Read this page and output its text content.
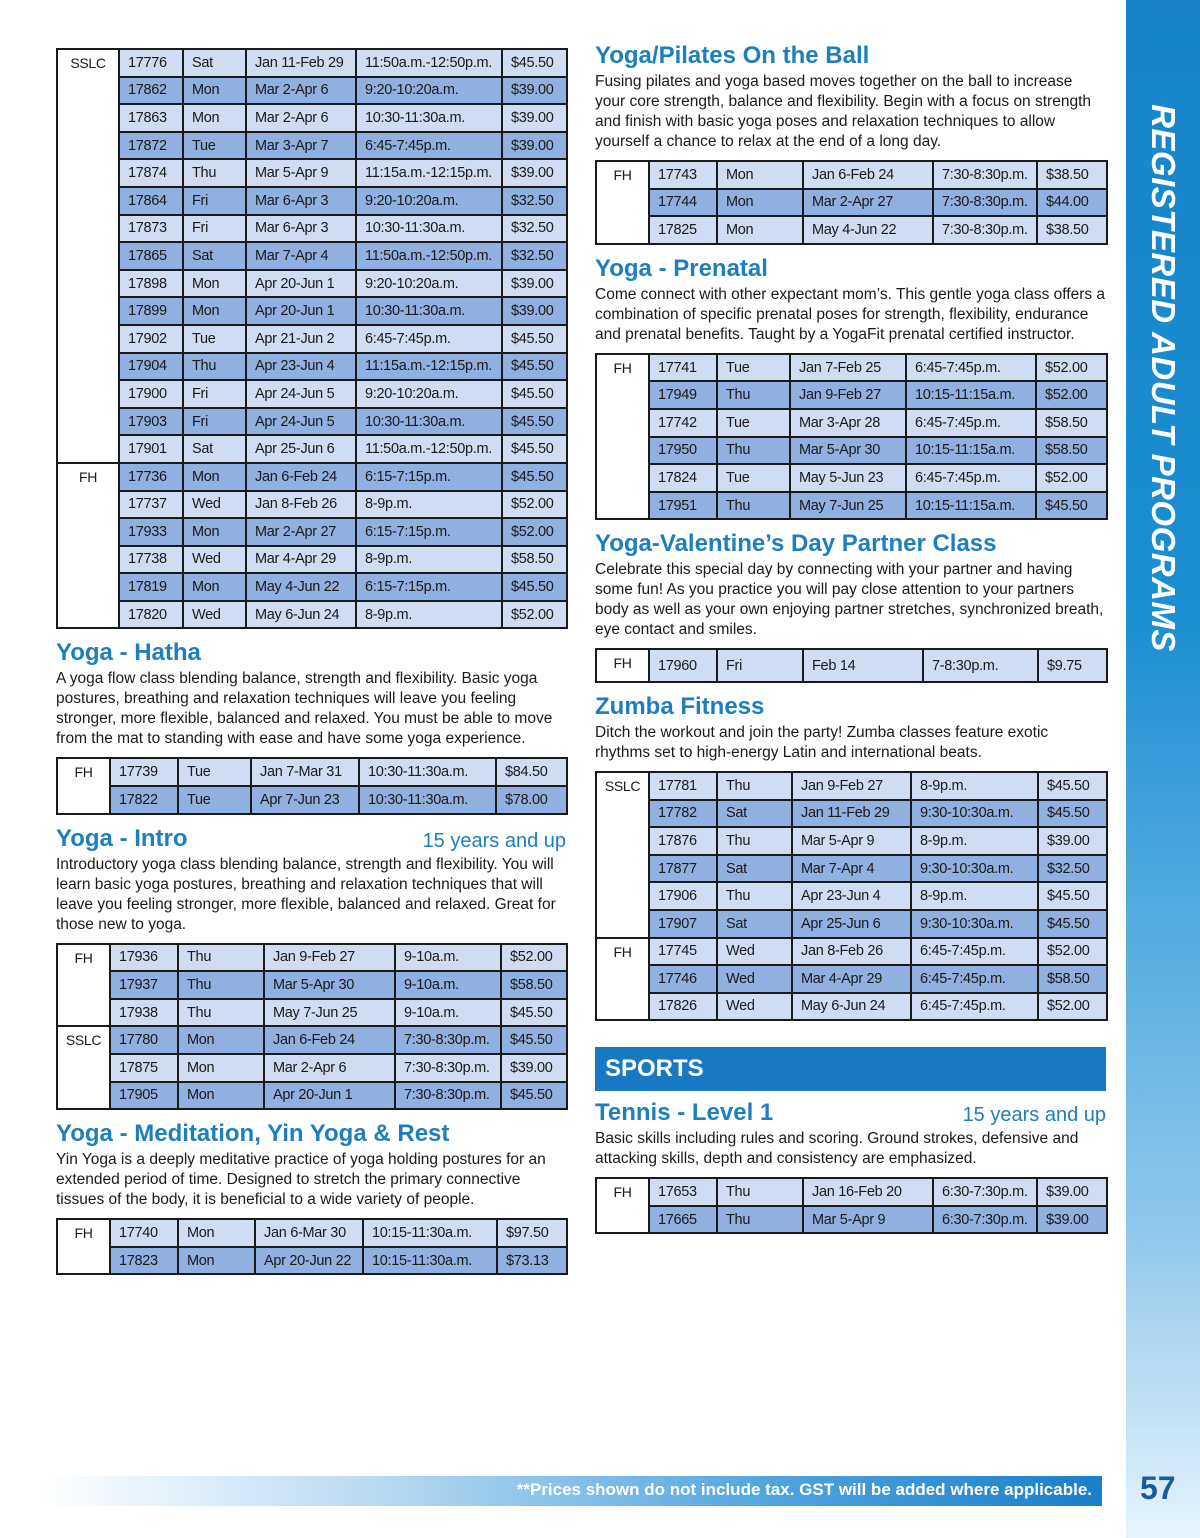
SSLC	17776	Sat	Jan 11-Feb 29	11:50a.m.-12:50p.m.	$45.50
	17862	Mon	Mar 2-Apr 6	9:20-10:20a.m.	$39.00
	17863	Mon	Mar 2-Apr 6	10:30-11:30a.m.	$39.00
	17872	Tue	Mar 3-Apr 7	6:45-7:45p.m.	$39.00
	17874	Thu	Mar 5-Apr 9	11:15a.m.-12:15p.m.	$39.00
	17864	Fri	Mar 6-Apr 3	9:20-10:20a.m.	$32.50
	17873	Fri	Mar 6-Apr 3	10:30-11:30a.m.	$32.50
	17865	Sat	Mar 7-Apr 4	11:50a.m.-12:50p.m.	$32.50
	17898	Mon	Apr 20-Jun 1	9:20-10:20a.m.	$39.00
	17899	Mon	Apr 20-Jun 1	10:30-11:30a.m.	$39.00
	17902	Tue	Apr 21-Jun 2	6:45-7:45p.m.	$45.50
	17904	Thu	Apr 23-Jun 4	11:15a.m.-12:15p.m.	$45.50
	17900	Fri	Apr 24-Jun 5	9:20-10:20a.m.	$45.50
	17903	Fri	Apr 24-Jun 5	10:30-11:30a.m.	$45.50
	17901	Sat	Apr 25-Jun 6	11:50a.m.-12:50p.m.	$45.50
FH	17736	Mon	Jan 6-Feb 24	6:15-7:15p.m.	$45.50
	17737	Wed	Jan 8-Feb 26	8-9p.m.	$52.00
	17933	Mon	Mar 2-Apr 27	6:15-7:15p.m.	$52.00
	17738	Wed	Mar 4-Apr 29	8-9p.m.	$58.50
	17819	Mon	May 4-Jun 22	6:15-7:15p.m.	$45.50
	17820	Wed	May 6-Jun 24	8-9p.m.	$52.00
Yoga - Hatha
A yoga flow class blending balance, strength and flexibility. Basic yoga postures, breathing and relaxation techniques will leave you feeling stronger, more flexible, balanced and relaxed. You must be able to move from the mat to standing with ease and have some yoga experience.
FH	17739	Tue	Jan 7-Mar 31	10:30-11:30a.m.	$84.50
	17822	Tue	Apr 7-Jun 23	10:30-11:30a.m.	$78.00
Yoga - Intro	15 years and up
Introductory yoga class blending balance, strength and flexibility. You will learn basic yoga postures, breathing and relaxation techniques that will leave you feeling stronger, more flexible, balanced and relaxed. Great for those new to yoga.
FH	17936	Thu	Jan 9-Feb 27	9-10a.m.	$52.00
	17937	Thu	Mar 5-Apr 30	9-10a.m.	$58.50
	17938	Thu	May 7-Jun 25	9-10a.m.	$45.50
SSLC	17780	Mon	Jan 6-Feb 24	7:30-8:30p.m.	$45.50
	17875	Mon	Mar 2-Apr 6	7:30-8:30p.m.	$39.00
	17905	Mon	Apr 20-Jun 1	7:30-8:30p.m.	$45.50
Yoga - Meditation, Yin Yoga & Rest
Yin Yoga is a deeply meditative practice of yoga holding postures for an extended period of time. Designed to stretch the primary connective tissues of the body, it is beneficial to a wide variety of people.
FH	17740	Mon	Jan 6-Mar 30	10:15-11:30a.m.	$97.50
	17823	Mon	Apr 20-Jun 22	10:15-11:30a.m.	$73.13
Yoga/Pilates On the Ball
Fusing pilates and yoga based moves together on the ball to increase your core strength, balance and flexibility. Begin with a focus on strength and finish with basic yoga poses and relaxation techniques to allow yourself a chance to relax at the end of a long day.
FH	17743	Mon	Jan 6-Feb 24	7:30-8:30p.m.	$38.50
	17744	Mon	Mar 2-Apr 27	7:30-8:30p.m.	$44.00
	17825	Mon	May 4-Jun 22	7:30-8:30p.m.	$38.50
Yoga - Prenatal
Come connect with other expectant mom’s. This gentle yoga class offers a combination of specific prenatal poses for strength, flexibility, endurance and prenatal benefits. Taught by a YogaFit prenatal certified instructor.
FH	17741	Tue	Jan 7-Feb 25	6:45-7:45p.m.	$52.00
	17949	Thu	Jan 9-Feb 27	10:15-11:15a.m.	$52.00
	17742	Tue	Mar 3-Apr 28	6:45-7:45p.m.	$58.50
	17950	Thu	Mar 5-Apr 30	10:15-11:15a.m.	$58.50
	17824	Tue	May 5-Jun 23	6:45-7:45p.m.	$52.00
	17951	Thu	May 7-Jun 25	10:15-11:15a.m.	$45.50
Yoga-Valentine’s Day Partner Class
Celebrate this special day by connecting with your partner and having some fun! As you practice you will pay close attention to your partners body as well as your own enjoying partner stretches, synchronized breath, eye contact and smiles.
FH	17960	Fri	Feb 14	7-8:30p.m.	$9.75
Zumba Fitness
Ditch the workout and join the party! Zumba classes feature exotic rhythms set to high-energy Latin and international beats.
SSLC	17781	Thu	Jan 9-Feb 27	8-9p.m.	$45.50
	17782	Sat	Jan 11-Feb 29	9:30-10:30a.m.	$45.50
	17876	Thu	Mar 5-Apr 9	8-9p.m.	$39.00
	17877	Sat	Mar 7-Apr 4	9:30-10:30a.m.	$32.50
	17906	Thu	Apr 23-Jun 4	8-9p.m.	$45.50
	17907	Sat	Apr 25-Jun 6	9:30-10:30a.m.	$45.50
FH	17745	Wed	Jan 8-Feb 26	6:45-7:45p.m.	$52.00
	17746	Wed	Mar 4-Apr 29	6:45-7:45p.m.	$58.50
	17826	Wed	May 6-Jun 24	6:45-7:45p.m.	$52.00
SPORTS
Tennis - Level 1	15 years and up
Basic skills including rules and scoring. Ground strokes, defensive and attacking skills, depth and consistency are emphasized.
FH	17653	Thu	Jan 16-Feb 20	6:30-7:30p.m.	$39.00
	17665	Thu	Mar 5-Apr 9	6:30-7:30p.m.	$39.00
REGISTERED ADULT PROGRAMS
**Prices shown do not include tax. GST will be added where applicable. 57
